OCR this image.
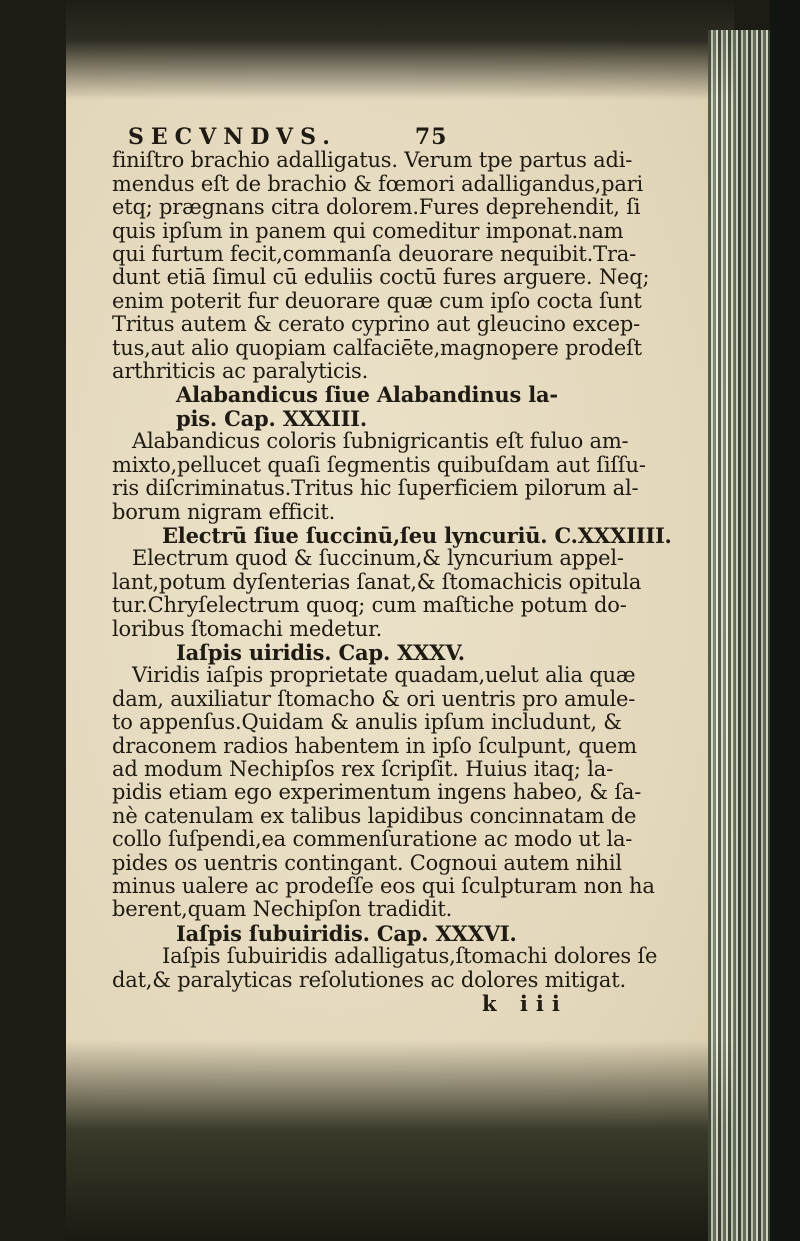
SECVNDVS.	75
finiſtro brachio adalligatus. Verum tpe partus adi-
mendus eſt de brachio & fœmori adalligandus,pari
etq; prægnans citra dolorem.Fures deprehendit, ſi
quis ipſum in panem qui comeditur imponat.nam
qui furtum fecit,commanſa deuorare nequibit.Tra-
dunt etiā ſimul cū eduliis coctū fures arguere. Neq;
enim poterit fur deuorare quæ cum ipſo cocta ſunt
Tritus autem & cerato cyprino aut gleucino excep-
tus,aut alio quopiam calfaciēte,magnopere prodeſt
arthriticis ac paralyticis.
Alabandicus ſiue Alabandinus la-
pis. Cap. XXXIII.
Alabandicus coloris ſubnigricantis eſt fuluo am-
mixto,pellucet quaſi ſegmentis quibuſdam aut ſiſſu-
ris diſcriminatus.Tritus hic ſuperficiem pilorum al-
borum nigram efficit.
Electrū ſiue ſuccinū,ſeu lyncuriū. C.XXXIIII.
Electrum quod & ſuccinum,& lyncurium appel-
lant,potum dyſenterias ſanat,& ſtomachicis opitula
tur.Chryſelectrum quoq; cum maſtiche potum do-
loribus ſtomachi medetur.
Iaſpis uiridis. Cap. XXXV.
Viridis iaſpis proprietate quadam,uelut alia quæ
dam, auxiliatur ſtomacho & ori uentris pro amule-
to appenſus.Quidam & anulis ipſum includunt, &
draconem radios habentem in ipſo ſculpunt, quem
ad modum Nechipſos rex ſcripſit. Huius itaq; la-
pidis etiam ego experimentum ingens habeo, & ſa-
nè catenulam ex talibus lapidibus concinnatam de
collo ſuſpendi,ea commenſuratione ac modo ut la-
pides os uentris contingant. Cognoui autem nihil
minus ualere ac prodeſſe eos qui ſculpturam non ha
berent,quam Nechipſon tradidit.
Iaſpis ſubuiridis. Cap. XXXVI.
Iaſpis ſubuiridis adalligatus,ſtomachi dolores ſe
dat,& paralyticas reſolutiones ac dolores mitigat.
k iii
